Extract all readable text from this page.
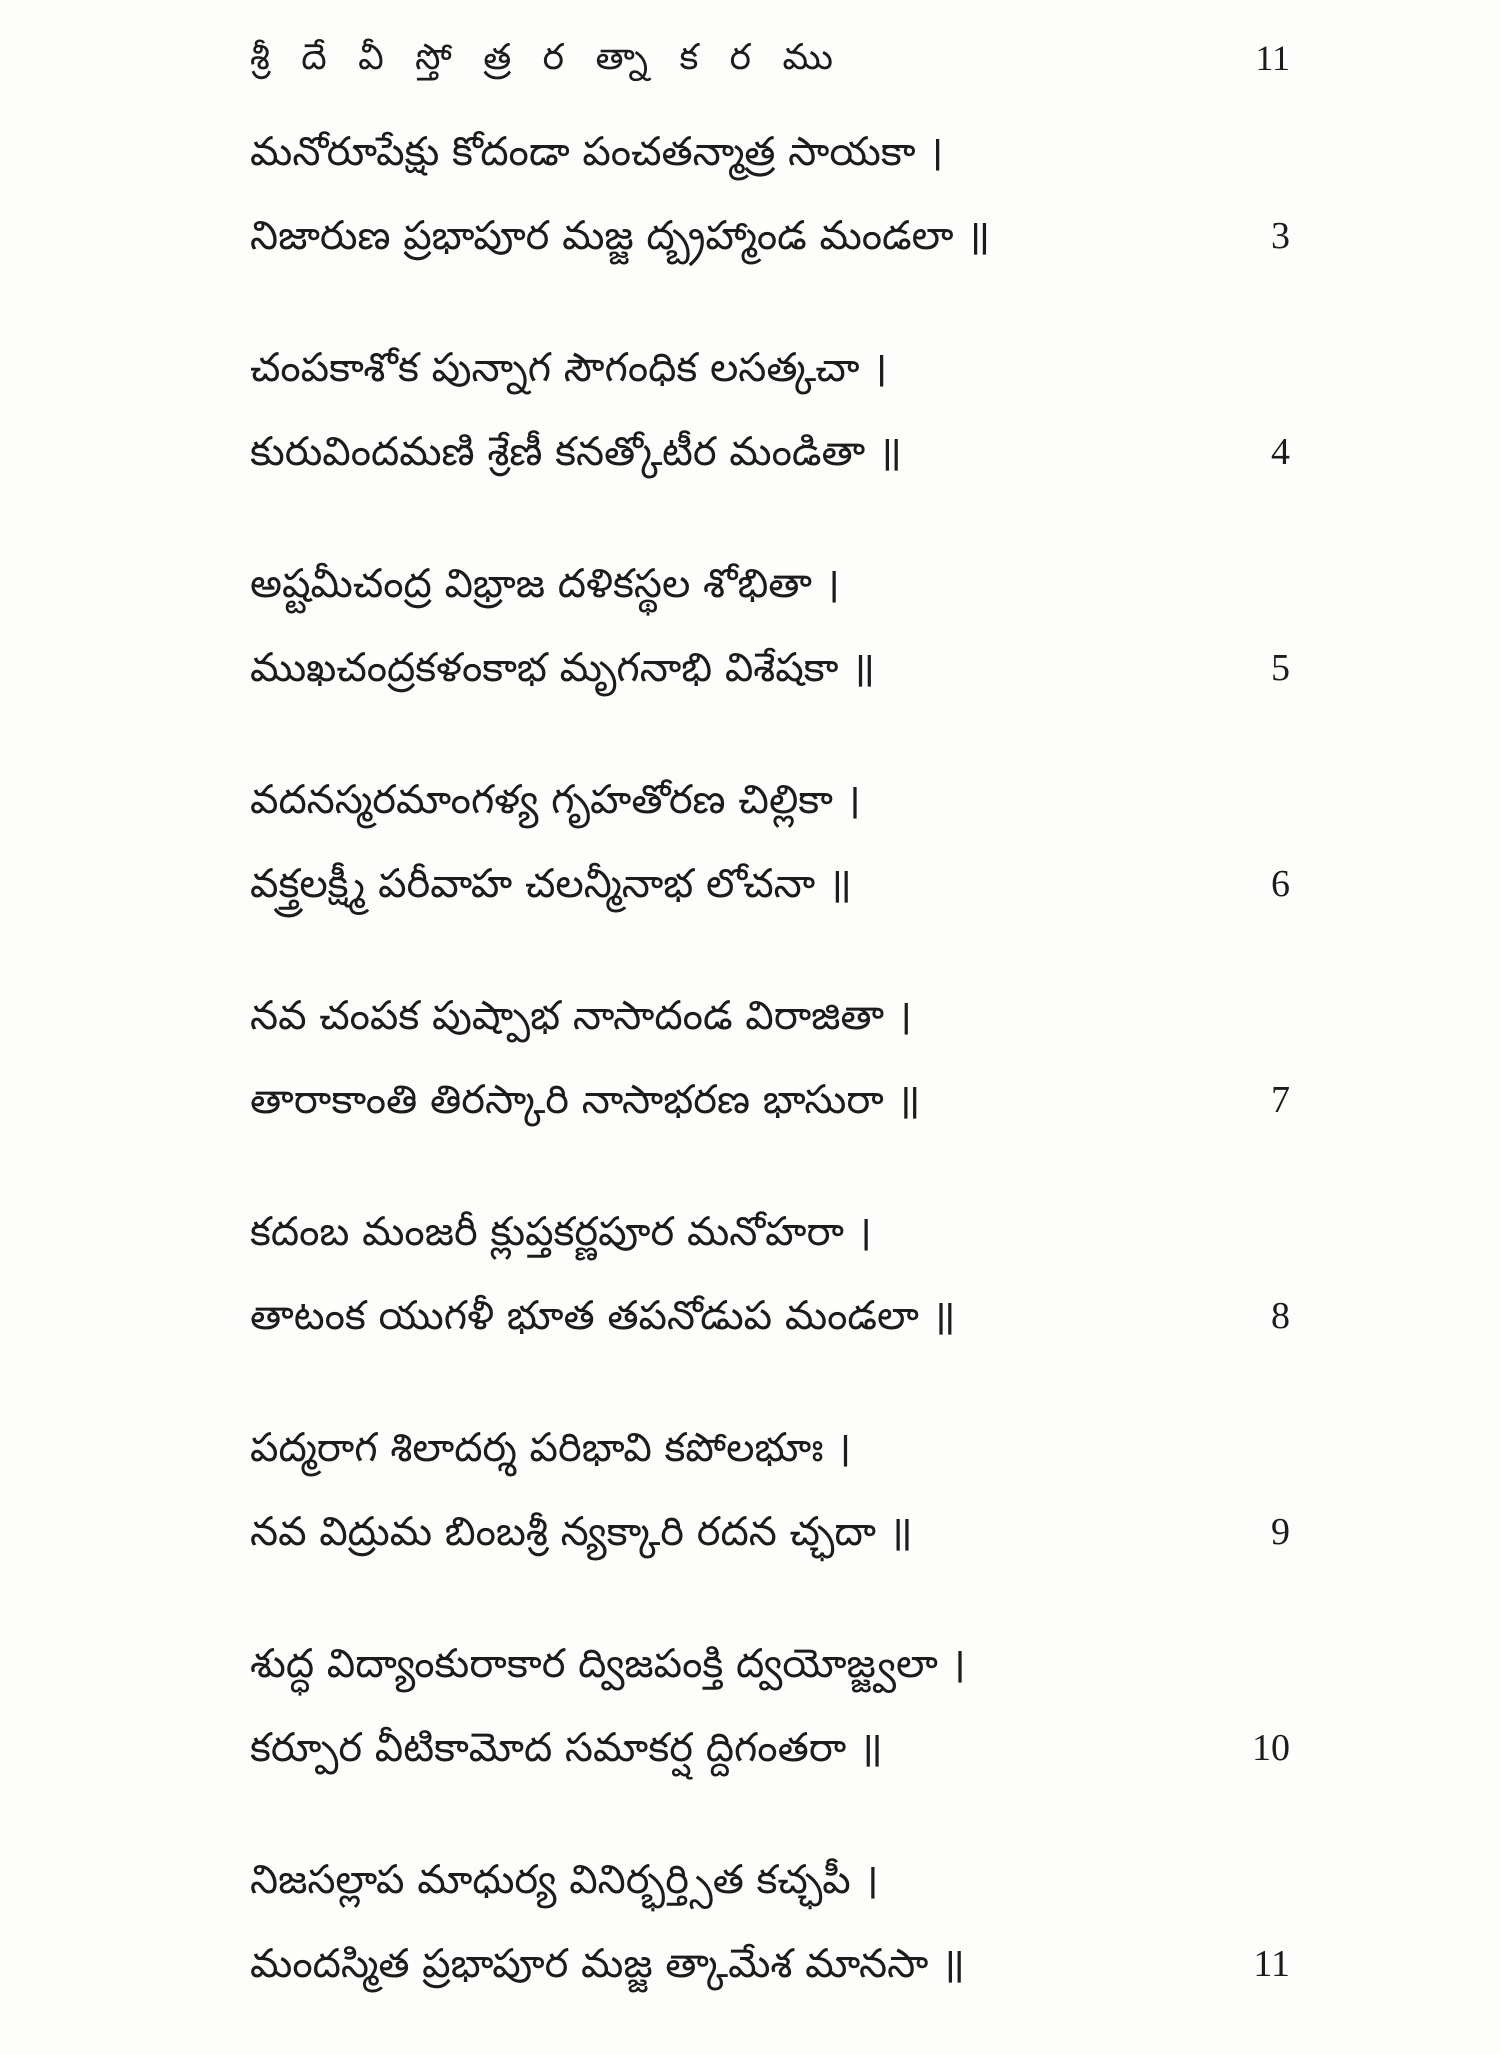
శ్రీ దే వీ స్తో త్ర ర త్నా క ర ము	11
మనోరూపేక్షు కోదండా పంచతన్మాత్ర సాయకా ।
నిజారుణ ప్రభాపూర మజ్జ ద్బ్రహ్మాండ మండలా ॥	3
చంపకాశోక పున్నాగ సౌగంధిక లసత్కచా ।
కురువిందమణి శ్రేణీ కనత్కోటీర మండితా ॥	4
అష్టమీచంద్ర విభ్రాజ దళికస్థల శోభితా ।
ముఖచంద్రకళంకాభ మృగనాభి విశేషకా ॥	5
వదనస్మరమాంగళ్య గృహతోరణ చిల్లికా ।
వక్త్రలక్ష్మీ పరీవాహ చలన్మీనాభ లోచనా ॥	6
నవ చంపక పుష్పాభ నాసాదండ విరాజితా ।
తారాకాంతి తిరస్కారి నాసాభరణ భాసురా ॥	7
కదంబ మంజరీ క్లుప్తకర్ణపూర మనోహరా ।
తాటంక యుగళీ భూత తపనోడుప మండలా ॥	8
పద్మరాగ శిలాదర్శ పరిభావి కపోలభూః ।
నవ విద్రుమ బింబశ్రీ న్యక్కారి రదన చ్ఛదా ॥	9
శుద్ధ విద్యాంకురాకార ద్విజపంక్తి ద్వయోజ్జ్వలా ।
కర్పూర వీటికామోద సమాకర్ష ద్దిగంతరా ॥	10
నిజసల్లాప మాధుర్య వినిర్భర్త్సిత కచ్ఛపీ ।
మందస్మిత ప్రభాపూర మజ్జ త్కామేశ మానసా ॥	11
